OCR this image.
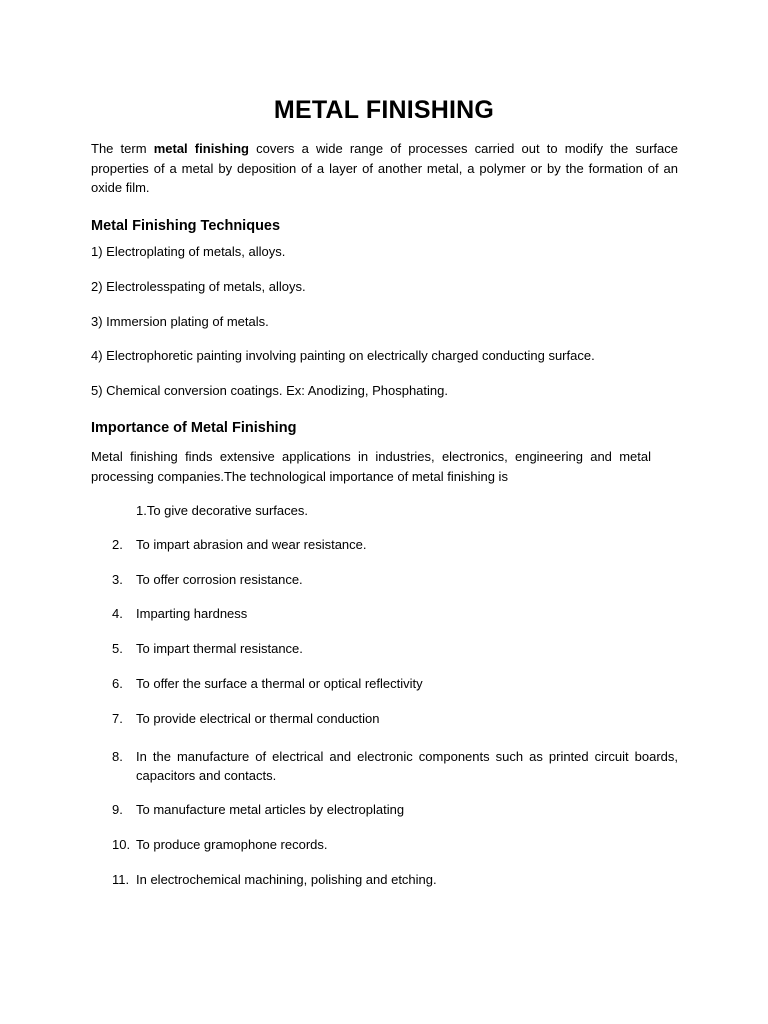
METAL FINISHING
The term metal finishing covers a wide range of processes carried out to modify the surface properties of a metal by deposition of a layer of another metal, a polymer or by the formation of an oxide film.
Metal Finishing Techniques
1) Electroplating of metals, alloys.
2) Electrolesspating of metals, alloys.
3) Immersion plating of metals.
4) Electrophoretic painting involving painting on electrically charged conducting surface.
5) Chemical conversion coatings. Ex: Anodizing, Phosphating.
Importance of Metal Finishing
Metal finishing finds extensive applications in industries, electronics, engineering and metal processing companies.The technological importance of metal finishing is
1.To give decorative surfaces.
2. To impart abrasion and wear resistance.
3. To offer corrosion resistance.
4. Imparting hardness
5. To impart thermal resistance.
6. To offer the surface a thermal or optical reflectivity
7. To provide electrical or thermal conduction
8. In the manufacture of electrical and electronic components such as printed circuit boards, capacitors and contacts.
9. To manufacture metal articles by electroplating
10. To produce gramophone records.
11. In electrochemical machining, polishing and etching.
